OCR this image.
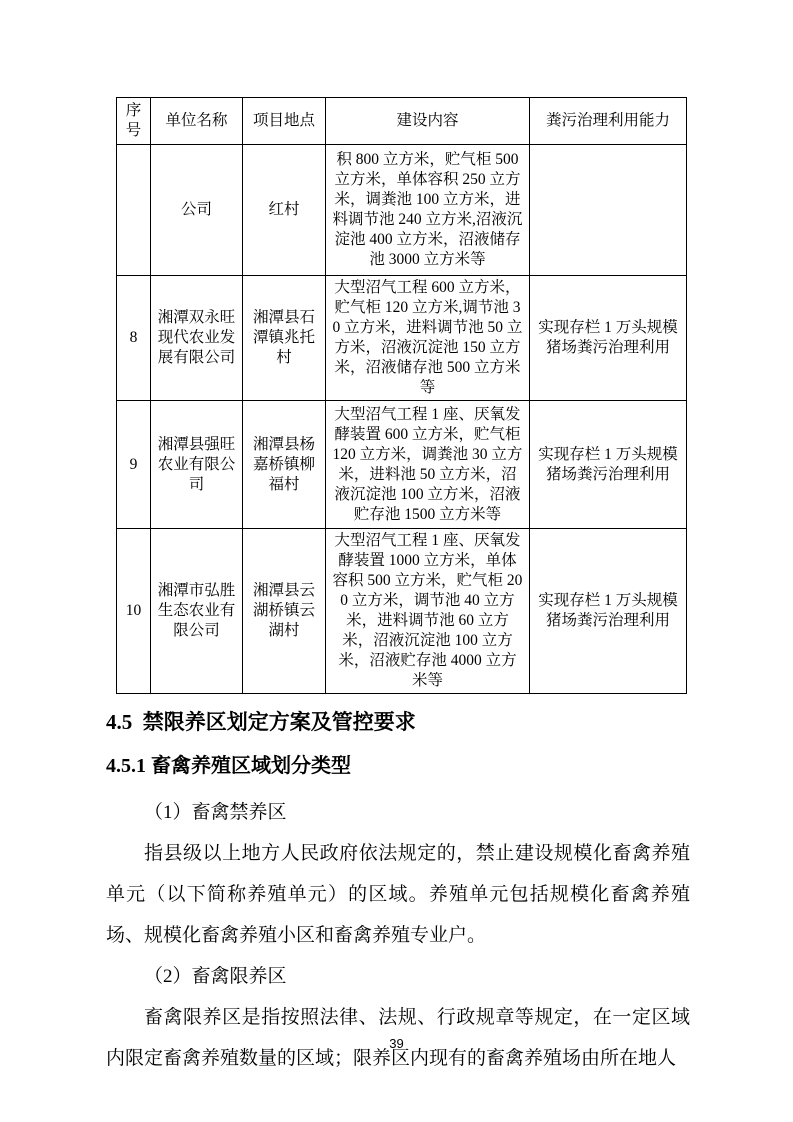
序号	单位名称	项目地点	建设内容	粪污治理利用能力
	公司	红村	积 800 立方米，贮气柜 500 立方米，单体容积 250 立方米，调粪池 100 立方米，进料调节池 240 立方米,沼液沉淀池 400 立方米，沼液储存池 3000 立方米等	
8	湘潭双永旺现代农业发展有限公司	湘潭县石潭镇兆托村	大型沼气工程 600 立方米，贮气柜 120 立方米,调节池 30 立方米，进料调节池 50 立方米，沼液沉淀池 150 立方米，沼液储存池 500 立方米等	实现存栏 1 万头规模猪场粪污治理利用
9	湘潭县强旺农业有限公司	湘潭县杨嘉桥镇柳福村	大型沼气工程 1 座、厌氧发酵装置 600 立方米，贮气柜 120 立方米，调粪池 30 立方米，进料池 50 立方米，沼液沉淀池 100 立方米，沼液贮存池 1500 立方米等	实现存栏 1 万头规模猪场粪污治理利用
10	湘潭市弘胜生态农业有限公司	湘潭县云湖桥镇云湖村	大型沼气工程 1 座、厌氧发酵装置 1000 立方米，单体容积 500 立方米，贮气柜 200 立方米，调节池 40 立方米，进料调节池 60 立方米，沼液沉淀池 100 立方米，沼液贮存池 4000 立方米等	实现存栏 1 万头规模猪场粪污治理利用
4.5  禁限养区划定方案及管控要求
4.5.1 畜禽养殖区域划分类型

（1）畜禽禁养区

指县级以上地方人民政府依法规定的，禁止建设规模化畜禽养殖单元（以下简称养殖单元）的区域。养殖单元包括规模化畜禽养殖场、规模化畜禽养殖小区和畜禽养殖专业户。

（2）畜禽限养区

畜禽限养区是指按照法律、法规、行政规章等规定，在一定区域内限定畜禽养殖数量的区域；限养区内现有的畜禽养殖场由所在地人

39
